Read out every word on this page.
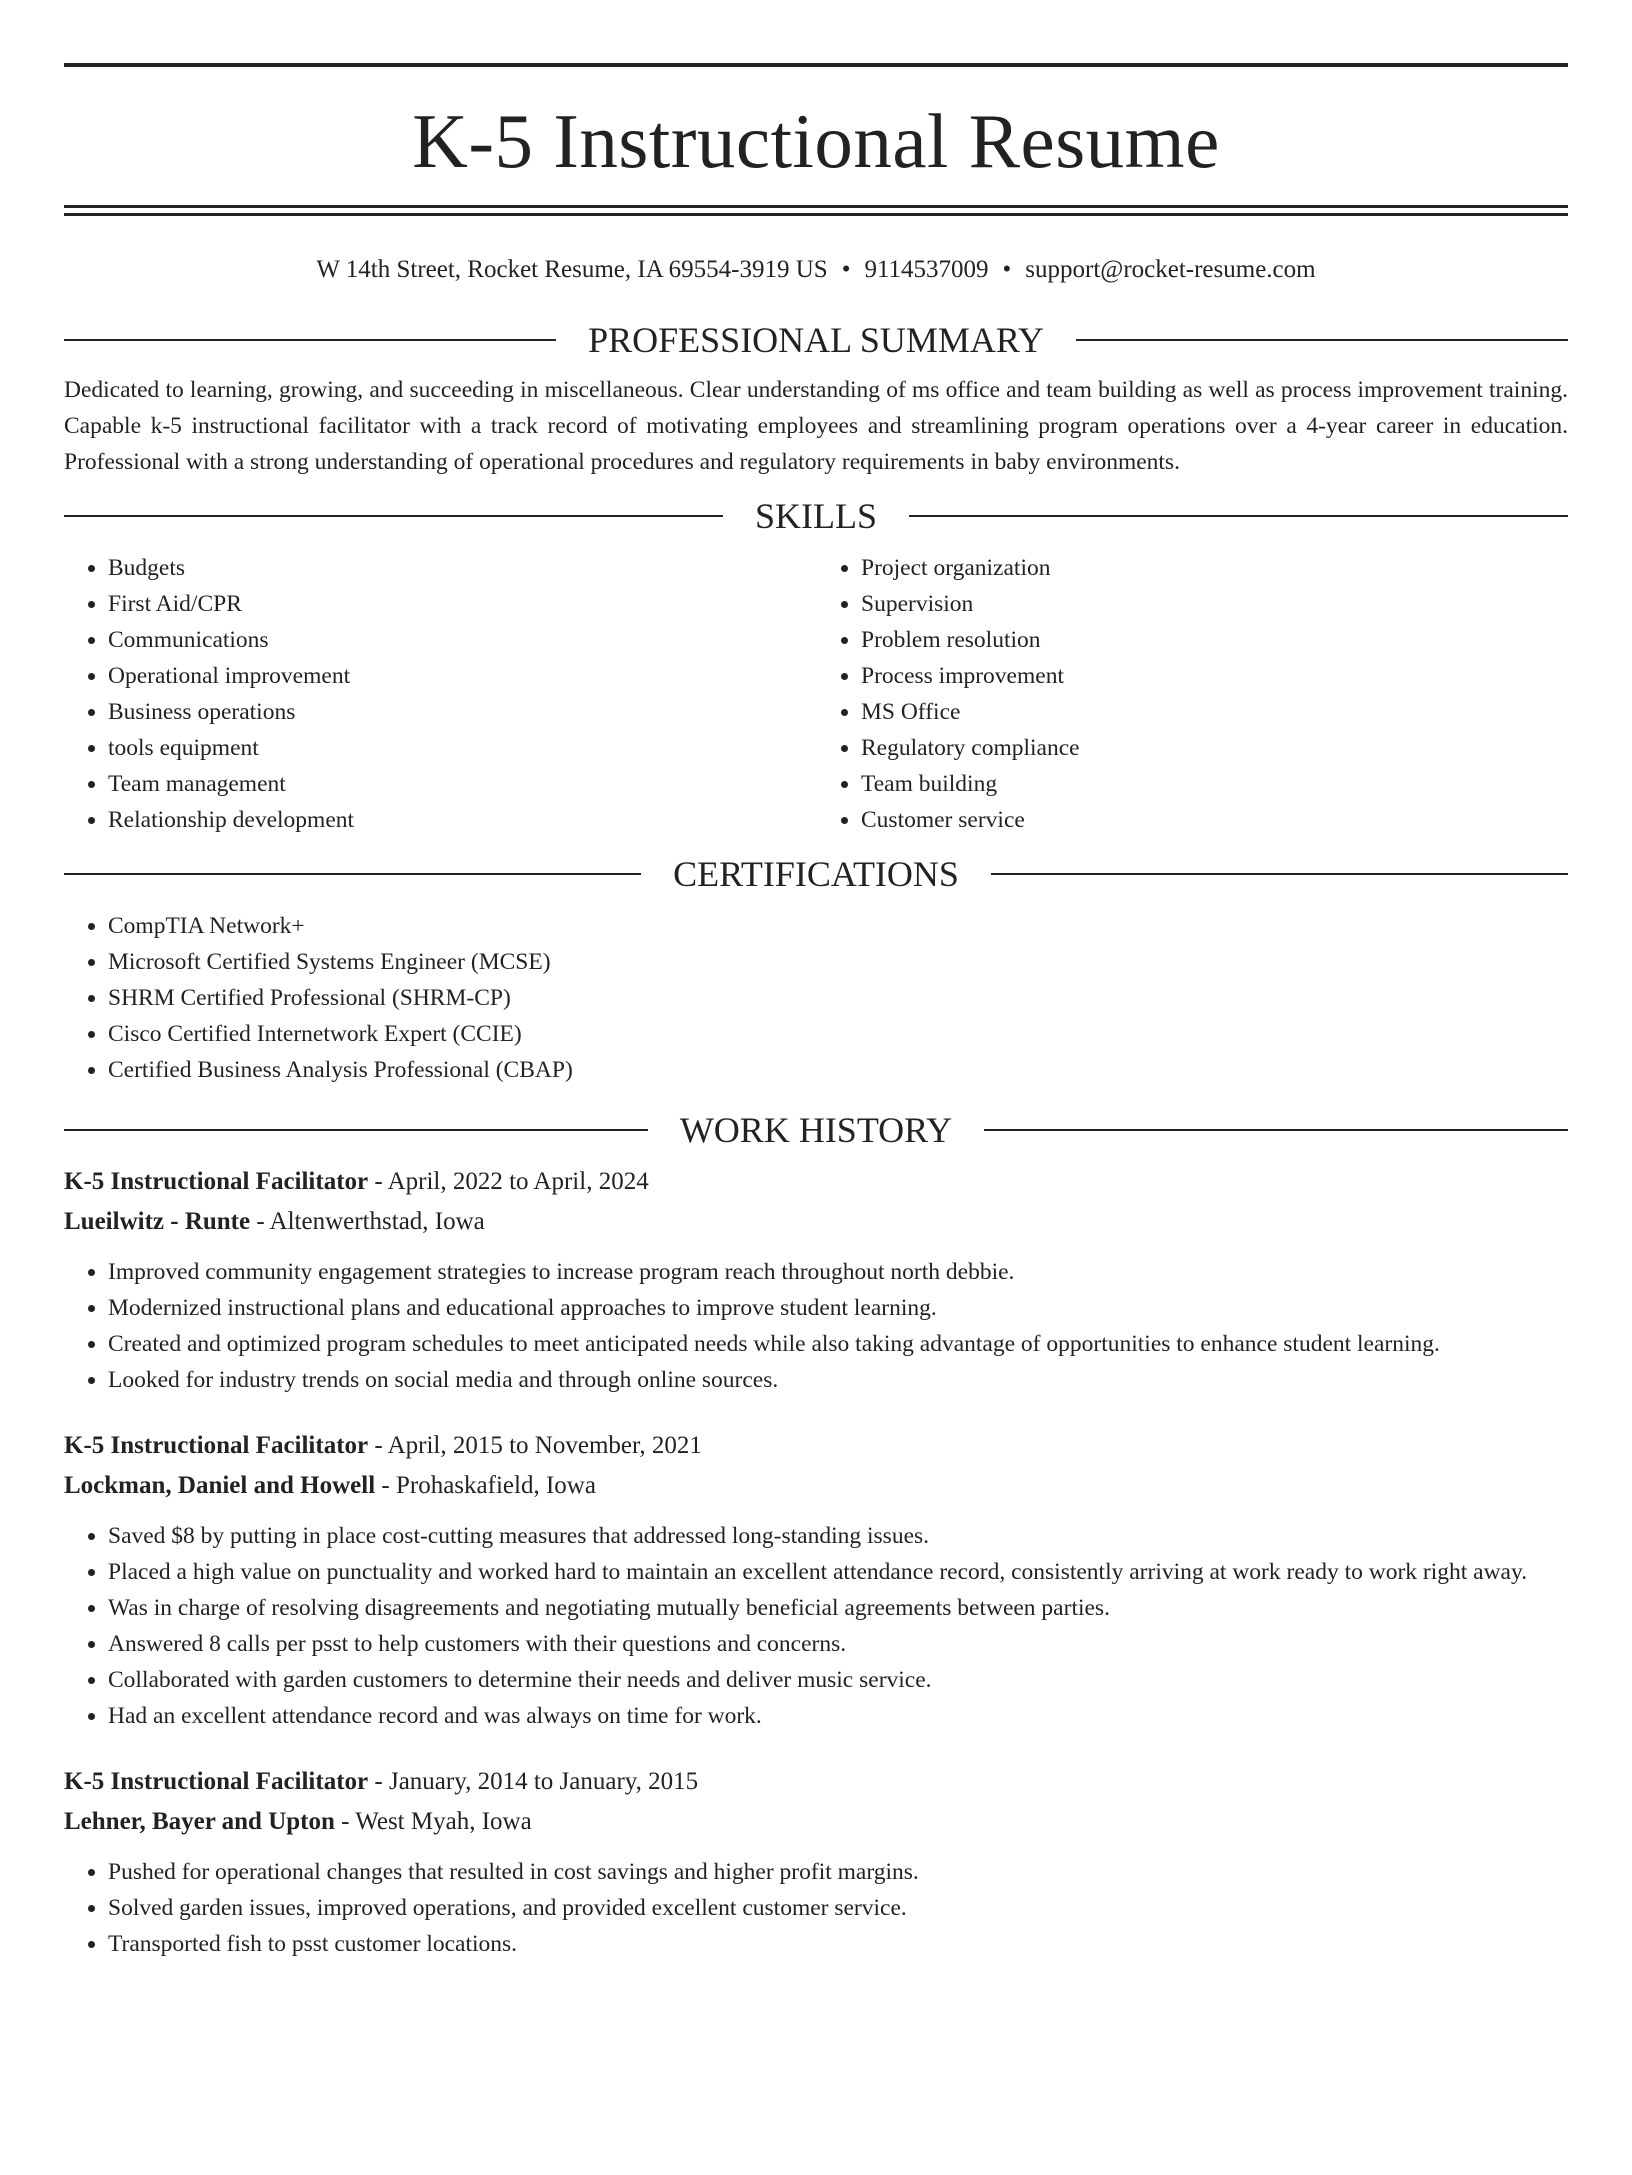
K-5 Instructional Resume
W 14th Street, Rocket Resume, IA 69554-3919 US • 9114537009 • support@rocket-resume.com
PROFESSIONAL SUMMARY

Dedicated to learning, growing, and succeeding in miscellaneous. Clear understanding of ms office and team building as well as process improvement training. Capable k-5 instructional facilitator with a track record of motivating employees and streamlining program operations over a 4-year career in education. Professional with a strong understanding of operational procedures and regulatory requirements in baby environments.

SKILLS
• Budgets
• First Aid/CPR
• Communications
• Operational improvement
• Business operations
• tools equipment
• Team management
• Relationship development
• Project organization
• Supervision
• Problem resolution
• Process improvement
• MS Office
• Regulatory compliance
• Team building
• Customer service
CERTIFICATIONS
• CompTIA Network+
• Microsoft Certified Systems Engineer (MCSE)
• SHRM Certified Professional (SHRM-CP)
• Cisco Certified Internetwork Expert (CCIE)
• Certified Business Analysis Professional (CBAP)
WORK HISTORY
K-5 Instructional Facilitator - April, 2022 to April, 2024
Lueilwitz - Runte - Altenwerthstad, Iowa
• Improved community engagement strategies to increase program reach throughout north debbie.
• Modernized instructional plans and educational approaches to improve student learning.
• Created and optimized program schedules to meet anticipated needs while also taking advantage of opportunities to enhance student learning.
• Looked for industry trends on social media and through online sources.
K-5 Instructional Facilitator - April, 2015 to November, 2021
Lockman, Daniel and Howell - Prohaskafield, Iowa
• Saved $8 by putting in place cost-cutting measures that addressed long-standing issues.
• Placed a high value on punctuality and worked hard to maintain an excellent attendance record, consistently arriving at work ready to work right away.
• Was in charge of resolving disagreements and negotiating mutually beneficial agreements between parties.
• Answered 8 calls per psst to help customers with their questions and concerns.
• Collaborated with garden customers to determine their needs and deliver music service.
• Had an excellent attendance record and was always on time for work.
K-5 Instructional Facilitator - January, 2014 to January, 2015
Lehner, Bayer and Upton - West Myah, Iowa
• Pushed for operational changes that resulted in cost savings and higher profit margins.
• Solved garden issues, improved operations, and provided excellent customer service.
• Transported fish to psst customer locations.
